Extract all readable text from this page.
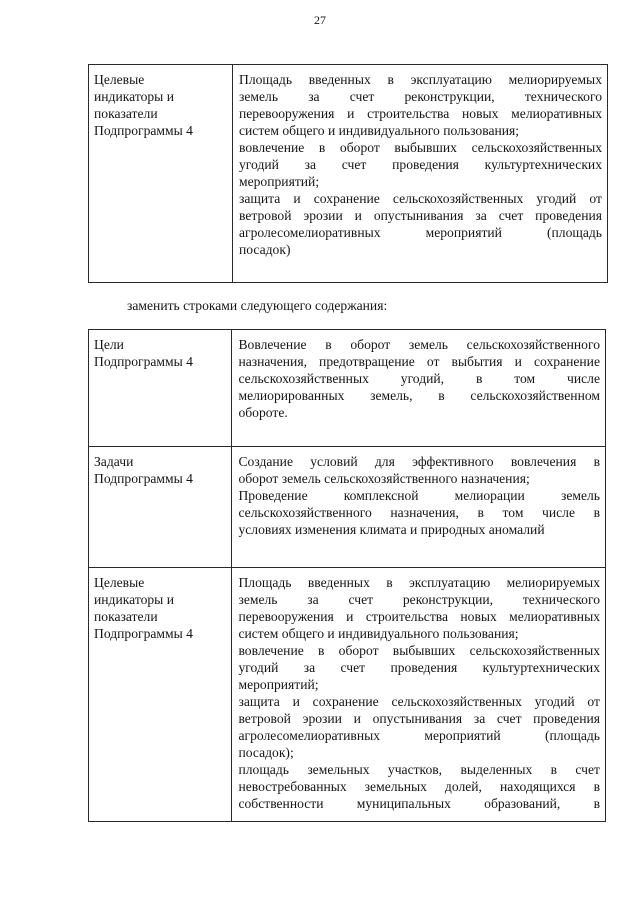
27
Целевые
индикаторы и
показатели
Подпрограммы 4
Площадь введенных в эксплуатацию мелиорируемых
земель за счет реконструкции, технического
перевооружения и строительства новых мелиоративных
систем общего и индивидуального пользования;
вовлечение в оборот выбывших сельскохозяйственных
угодий за счет проведения культуртехнических
мероприятий;
защита и сохранение сельскохозяйственных угодий от
ветровой эрозии и опустынивания за счет проведения
агролесомелиоративных мероприятий (площадь
посадок)
заменить строками следующего содержания:
Цели
Подпрограммы 4
Вовлечение в оборот земель сельскохозяйственного
назначения, предотвращение от выбытия и сохранение
сельскохозяйственных угодий, в том числе
мелиорированных земель, в сельскохозяйственном
обороте.
Задачи
Подпрограммы 4
Создание условий для эффективного вовлечения в
оборот земель сельскохозяйственного назначения;
Проведение комплексной мелиорации земель
сельскохозяйственного назначения, в том числе в
условиях изменения климата и природных аномалий
Целевые
индикаторы и
показатели
Подпрограммы 4
Площадь введенных в эксплуатацию мелиорируемых
земель за счет реконструкции, технического
перевооружения и строительства новых мелиоративных
систем общего и индивидуального пользования;
вовлечение в оборот выбывших сельскохозяйственных
угодий за счет проведения культуртехнических
мероприятий;
защита и сохранение сельскохозяйственных угодий от
ветровой эрозии и опустынивания за счет проведения
агролесомелиоративных мероприятий (площадь
посадок);
площадь земельных участков, выделенных в счет
невостребованных земельных долей, находящихся в
собственности муниципальных образований, в
